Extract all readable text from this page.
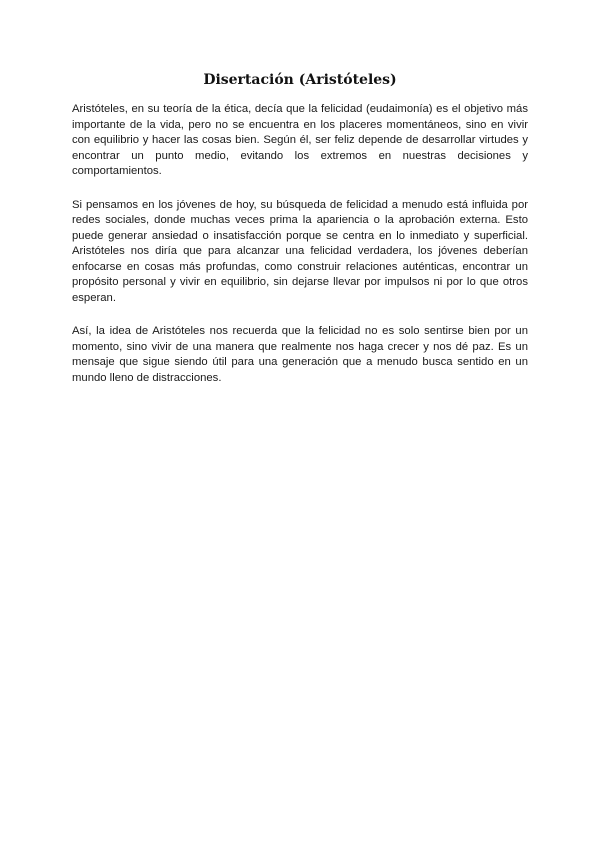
Disertación (Aristóteles)

Aristóteles, en su teoría de la ética, decía que la felicidad (eudaimonía) es el objetivo más importante de la vida, pero no se encuentra en los placeres momentáneos, sino en vivir con equilibrio y hacer las cosas bien. Según él, ser feliz depende de desarrollar virtudes y encontrar un punto medio, evitando los extremos en nuestras decisiones y comportamientos.

Si pensamos en los jóvenes de hoy, su búsqueda de felicidad a menudo está influida por redes sociales, donde muchas veces prima la apariencia o la aprobación externa. Esto puede generar ansiedad o insatisfacción porque se centra en lo inmediato y superficial. Aristóteles nos diría que para alcanzar una felicidad verdadera, los jóvenes deberían enfocarse en cosas más profundas, como construir relaciones auténticas, encontrar un propósito personal y vivir en equilibrio, sin dejarse llevar por impulsos ni por lo que otros esperan.

Así, la idea de Aristóteles nos recuerda que la felicidad no es solo sentirse bien por un momento, sino vivir de una manera que realmente nos haga crecer y nos dé paz. Es un mensaje que sigue siendo útil para una generación que a menudo busca sentido en un mundo lleno de distracciones.
